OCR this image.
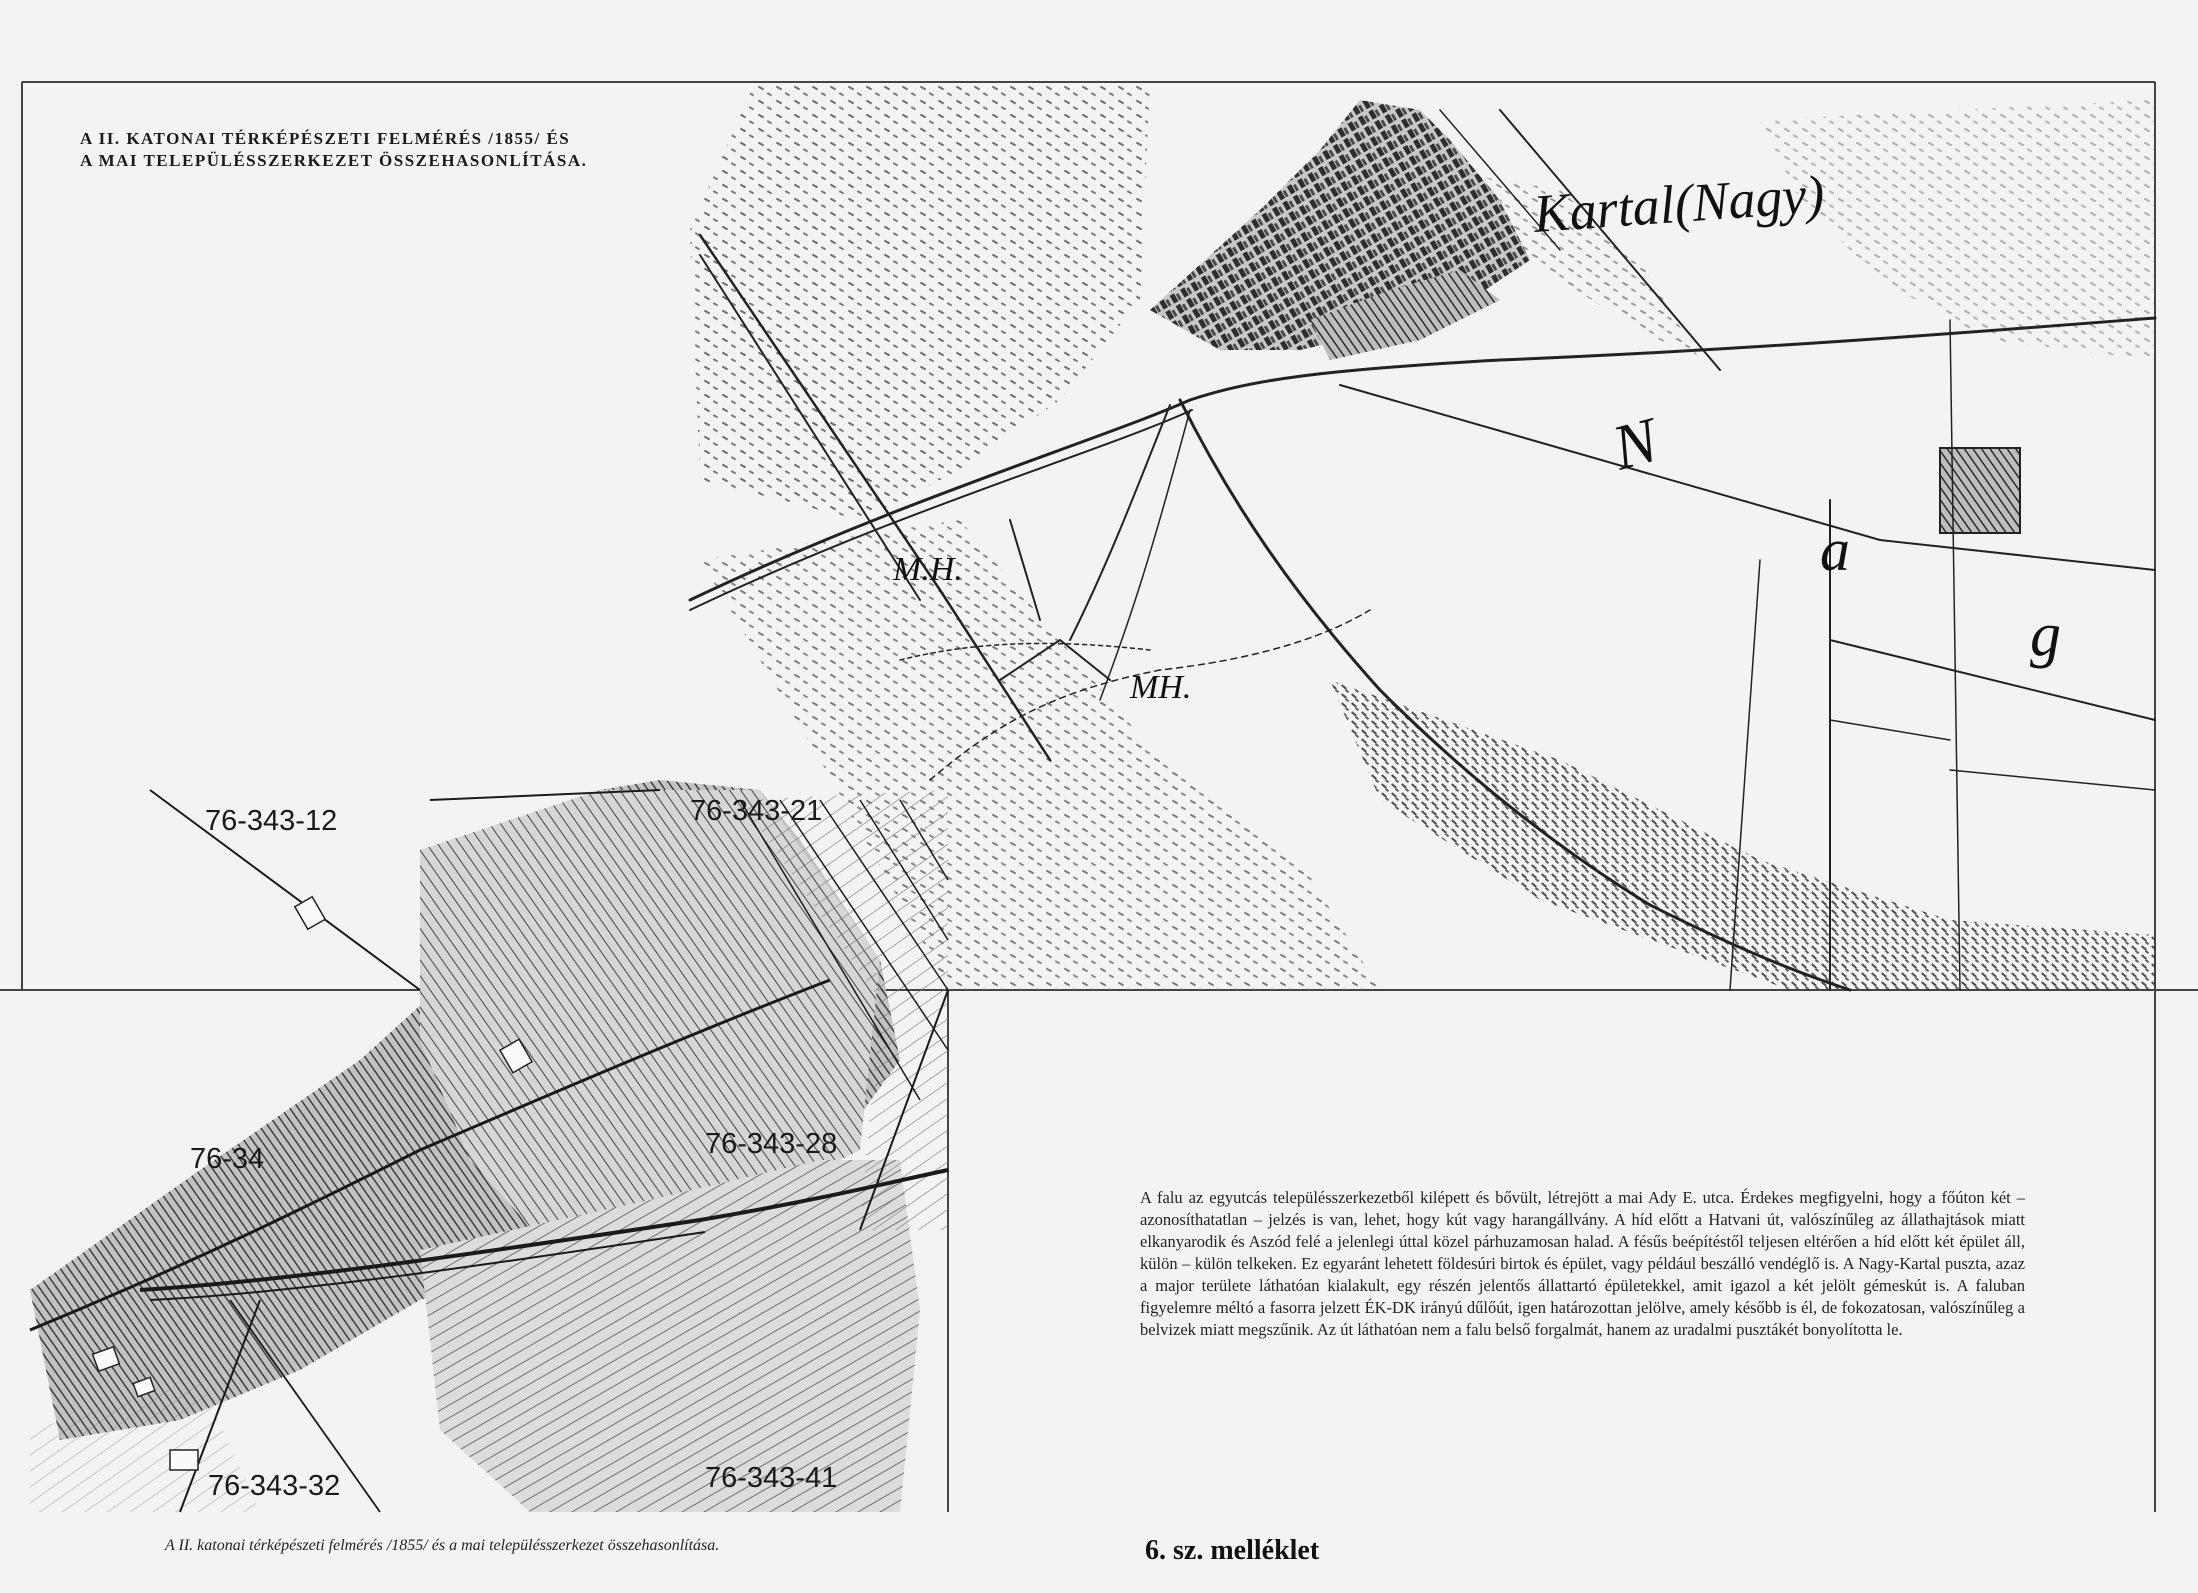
Kartal(Nagy)
N
a
g
M.H.
MH.
76-343-12	76-343-21
76-343-28
76-34
76-343-32	76-343-41
A II. KATONAI TÉRKÉPÉSZETI FELMÉRÉS /1855/ ÉS
A MAI TELEPÜLÉSSZERKEZET ÖSSZEHASONLÍTÁSA.

A falu az egyutcás településszerkezetből kilépett és bővült, létrejött a mai Ady E. utca. Érdekes megfigyelni, hogy a főúton két – azonosíthatatlan – jelzés is van, lehet, hogy kút vagy harangállvány. A híd előtt a Hatvani út, valószínűleg az állathajtások miatt elkanyarodik és Aszód felé a jelenlegi úttal közel párhuzamosan halad. A fésűs beépítéstől teljesen eltérően a híd előtt két épület áll, külön – külön telkeken. Ez egyaránt lehetett földesúri birtok és épület, vagy például beszálló vendéglő is. A Nagy-Kartal puszta, azaz a major területe láthatóan kialakult, egy részén jelentős állattartó épületekkel, amit igazol a két jelölt gémeskút is. A faluban figyelemre méltó a fasorra jelzett ÉK-DK irányú dűlőút, igen határozottan jelölve, amely később is él, de fokozatosan, valószínűleg a belvizek miatt megszűnik. Az út láthatóan nem a falu belső forgalmát, hanem az uradalmi pusztákét bonyolította le.

A II. katonai térképészeti felmérés /1855/ és a mai településszerkezet összehasonlítása.	6. sz. melléklet
